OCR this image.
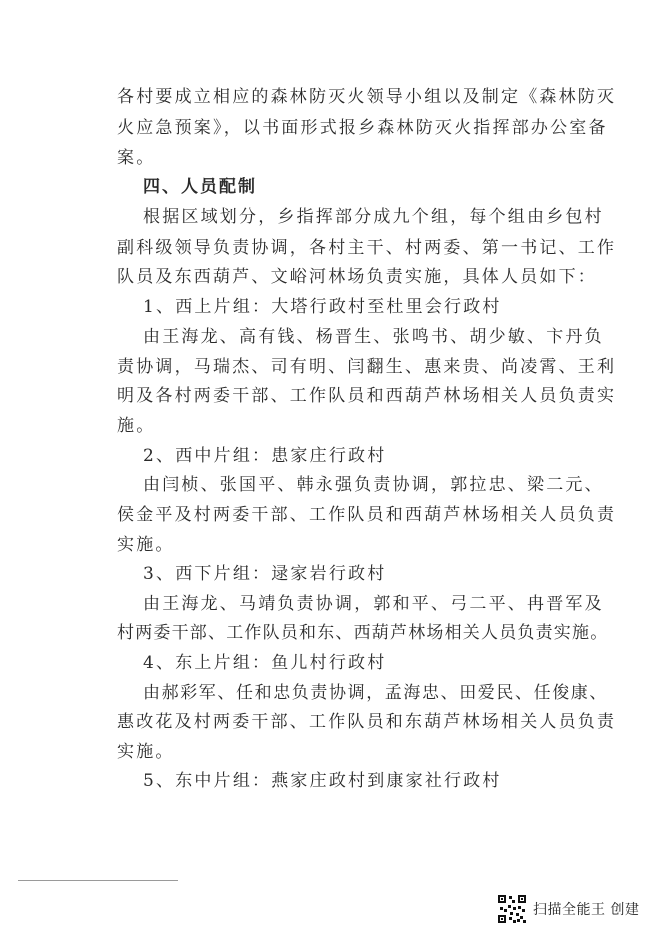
各村要成立相应的森林防灭火领导小组以及制定《森林防灭
火应急预案》，以书面形式报乡森林防灭火指挥部办公室备
案。
四、人员配制
根据区域划分，乡指挥部分成九个组，每个组由乡包村
副科级领导负责协调，各村主干、村两委、第一书记、工作
队员及东西葫芦、文峪河林场负责实施，具体人员如下：
1、西上片组：大塔行政村至杜里会行政村
由王海龙、高有钱、杨晋生、张鸣书、胡少敏、卞丹负
责协调，马瑞杰、司有明、闫翻生、惠来贵、尚凌霄、王利
明及各村两委干部、工作队员和西葫芦林场相关人员负责实
施。
2、西中片组：患家庄行政村
由闫桢、张国平、韩永强负责协调，郭拉忠、梁二元、
侯金平及村两委干部、工作队员和西葫芦林场相关人员负责
实施。
3、西下片组：逯家岩行政村
由王海龙、马靖负责协调，郭和平、弓二平、冉晋军及
村两委干部、工作队员和东、西葫芦林场相关人员负责实施。
4、东上片组：鱼儿村行政村
由郝彩军、任和忠负责协调，孟海忠、田爱民、任俊康、
惠改花及村两委干部、工作队员和东葫芦林场相关人员负责
实施。
5、东中片组：燕家庄政村到康家社行政村
扫描全能王 创建
